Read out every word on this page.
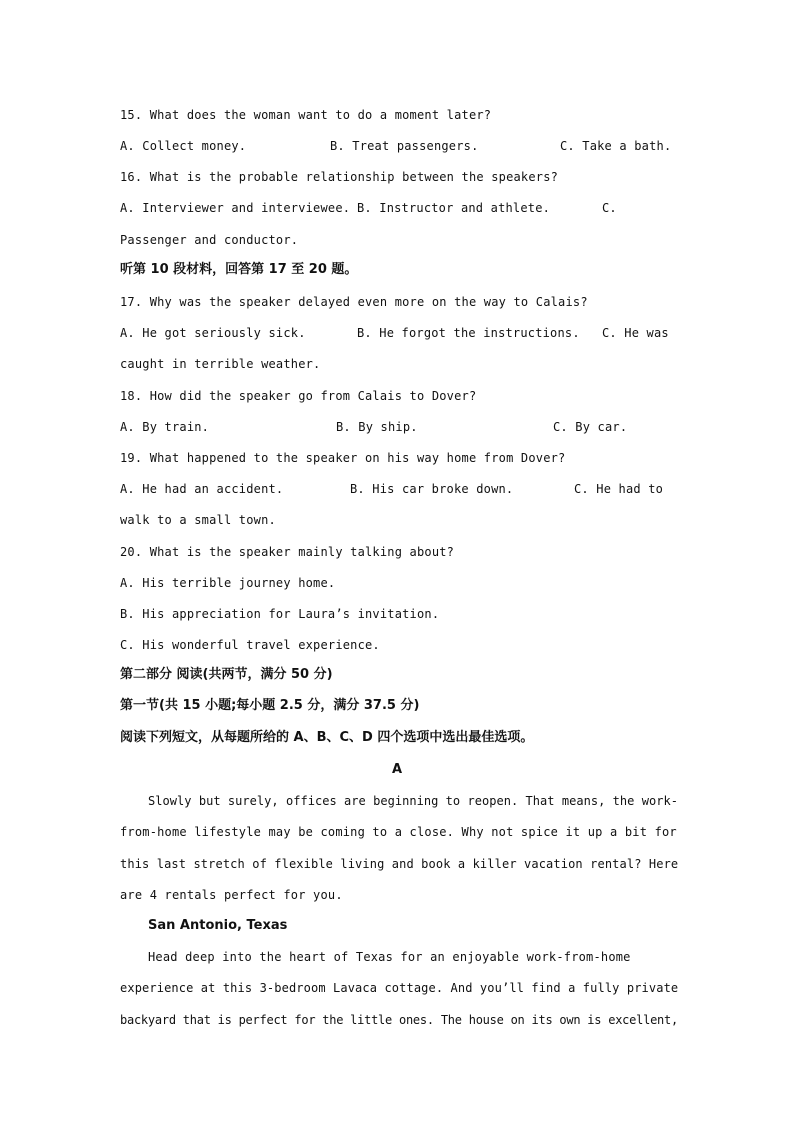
15. What does the woman want to do a moment later?
A. Collect money.	B. Treat passengers.	C. Take a bath.
16. What is the probable relationship between the speakers?
A. Interviewer and interviewee. B. Instructor and athlete.	C.
Passenger and conductor.
听第 10 段材料，回答第 17 至 20 题。
17. Why was the speaker delayed even more on the way to Calais?
A. He got seriously sick.	B. He forgot the instructions. C. He was
caught in terrible weather.
18. How did the speaker go from Calais to Dover?
A. By train.	B. By ship.	C. By car.
19. What happened to the speaker on his way home from Dover?
A. He had an accident.	B. His car broke down.	C. He had to
walk to a small town.
20. What is the speaker mainly talking about?
A. His terrible journey home.
B. His appreciation for Laura’s invitation.
C. His wonderful travel experience.
第二部分 阅读(共两节，满分 50 分)
第一节(共 15 小题;每小题 2.5 分，满分 37.5 分)
阅读下列短文，从每题所给的 A、B、C、D 四个选项中选出最佳选项。
A
Slowly but surely, offices are beginning to reopen. That means, the work-
from-home lifestyle may be coming to a close. Why not spice it up a bit for
this last stretch of flexible living and book a killer vacation rental? Here
are 4 rentals perfect for you.
San Antonio, Texas
Head deep into the heart of Texas for an enjoyable work-from-home
experience at this 3-bedroom Lavaca cottage. And you’ll find a fully private
backyard that is perfect for the little ones. The house on its own is excellent,
